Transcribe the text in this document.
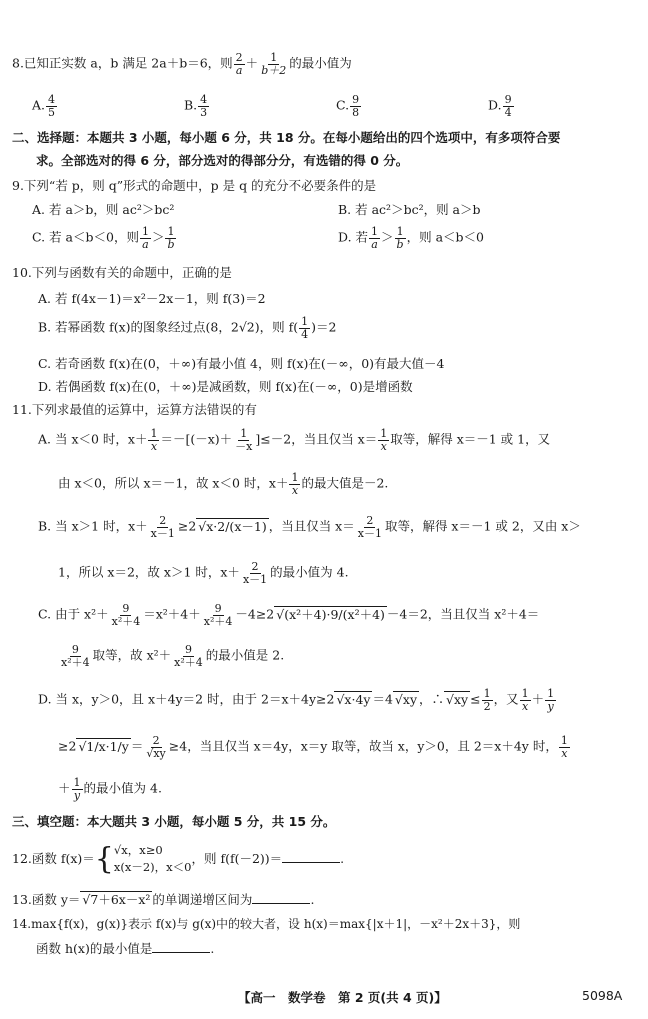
8.已知正实数 a，b 满足 2a＋b＝6，则 $\frac{2}{a} + \frac{1}{b+2}$ 的最小值为
A. $\frac{4}{5}$	B. $\frac{4}{3}$	C. $\frac{9}{8}$	D. $\frac{9}{4}$
二、选择题：本题共 3 小题，每小题 6 分，共 18 分。在每小题给出的四个选项中，有多项符合要
求。全部选对的得 6 分，部分选对的得部分分，有选错的得 0 分。
9.下列“若 p，则 q”形式的命题中，p 是 q 的充分不必要条件的是
A. 若 a＞b，则 ac²＞bc²	B. 若 ac²＞bc²，则 a＞b
C. 若 a＜b＜0，则 $\frac{1}{a} > \frac{1}{b}$	D. 若 $\frac{1}{a} > \frac{1}{b}$ ，则 a＜b＜0
10.下列与函数有关的命题中，正确的是
A. 若 f(4x－1)＝x²－2x－1，则 f(3)＝2
B. 若幂函数 f(x)的图象经过点(8，2√2)，则 $f( \frac{1}{4} )=2$
C. 若奇函数 f(x)在(0，＋∞)有最小值 4，则 f(x)在(－∞，0)有最大值－4
D. 若偶函数 f(x)在(0，＋∞)是减函数，则 f(x)在(－∞，0)是增函数
11.下列求最值的运算中，运算方法错误的有
A. 当 x＜0 时，$x+ \frac{1}{x} =-[(-x)+ \frac{1}{-x} ]\le-2$，当且仅当 $x= \frac{1}{x}$ 取等，解得 x＝－1 或 1，又
由 x＜0，所以 x＝－1，故 x＜0 时，$x+ \frac{1}{x}$ 的最大值是－2.
B. 当 x＞1 时，$x+ \frac{2}{x-1} \ge 2$ √x·2/(x－1) ，当且仅当 $x= \frac{2}{x-1}$ 取等，解得 x＝－1 或 2，又由 x＞
1，所以 x＝2，故 x＞1 时，$x+ \frac{2}{x-1}$ 的最小值为 4.
C. 由于 $x^2+ \frac{9}{\text{x²＋4}} =x^2+4+ \frac{9}{\text{x²＋4}} -4\ge 2$ √(x²＋4)·9/(x²＋4) －4＝2，当且仅当 x²＋4＝
$\frac{9}{\text{x²＋4}}$ 取等，故 $x^2+ \frac{9}{\text{x²＋4}}$ 的最小值是 2.
D. 当 x，y＞0，且 x＋4y＝2 时，由于 2＝x＋4y≥2 √x·4y ＝4 √xy ，∴ $√xy \le \frac{1}{2}$ ，又 $\frac{1}{x} + \frac{1}{y}$
≥2 $√1/x\cdot 1/y = \frac{2}{√xy} \ge 4$，当且仅当 x＝4y，x＝y 取等，故当 x，y＞0，且 2＝x＋4y 时， $\frac{1}{x}$
＋ $\frac{1}{y}$ 的最小值为 4.
三、填空题：本大题共 3 小题，每小题 5 分，共 15 分。
12.函数 f(x)＝{ √x，x≥0
x(x－2)，x＜0
，则 f(f(－2))＝	.
13.函数 y＝ √7＋6x－x² 的单调递增区间为	.
14.max{f(x)，g(x)}表示 f(x)与 g(x)中的较大者，设 h(x)＝max{|x＋1|，－x²＋2x＋3}，则
函数 h(x)的最小值是	.
【高一　数学卷　第 2 页(共 4 页)】	5098A
